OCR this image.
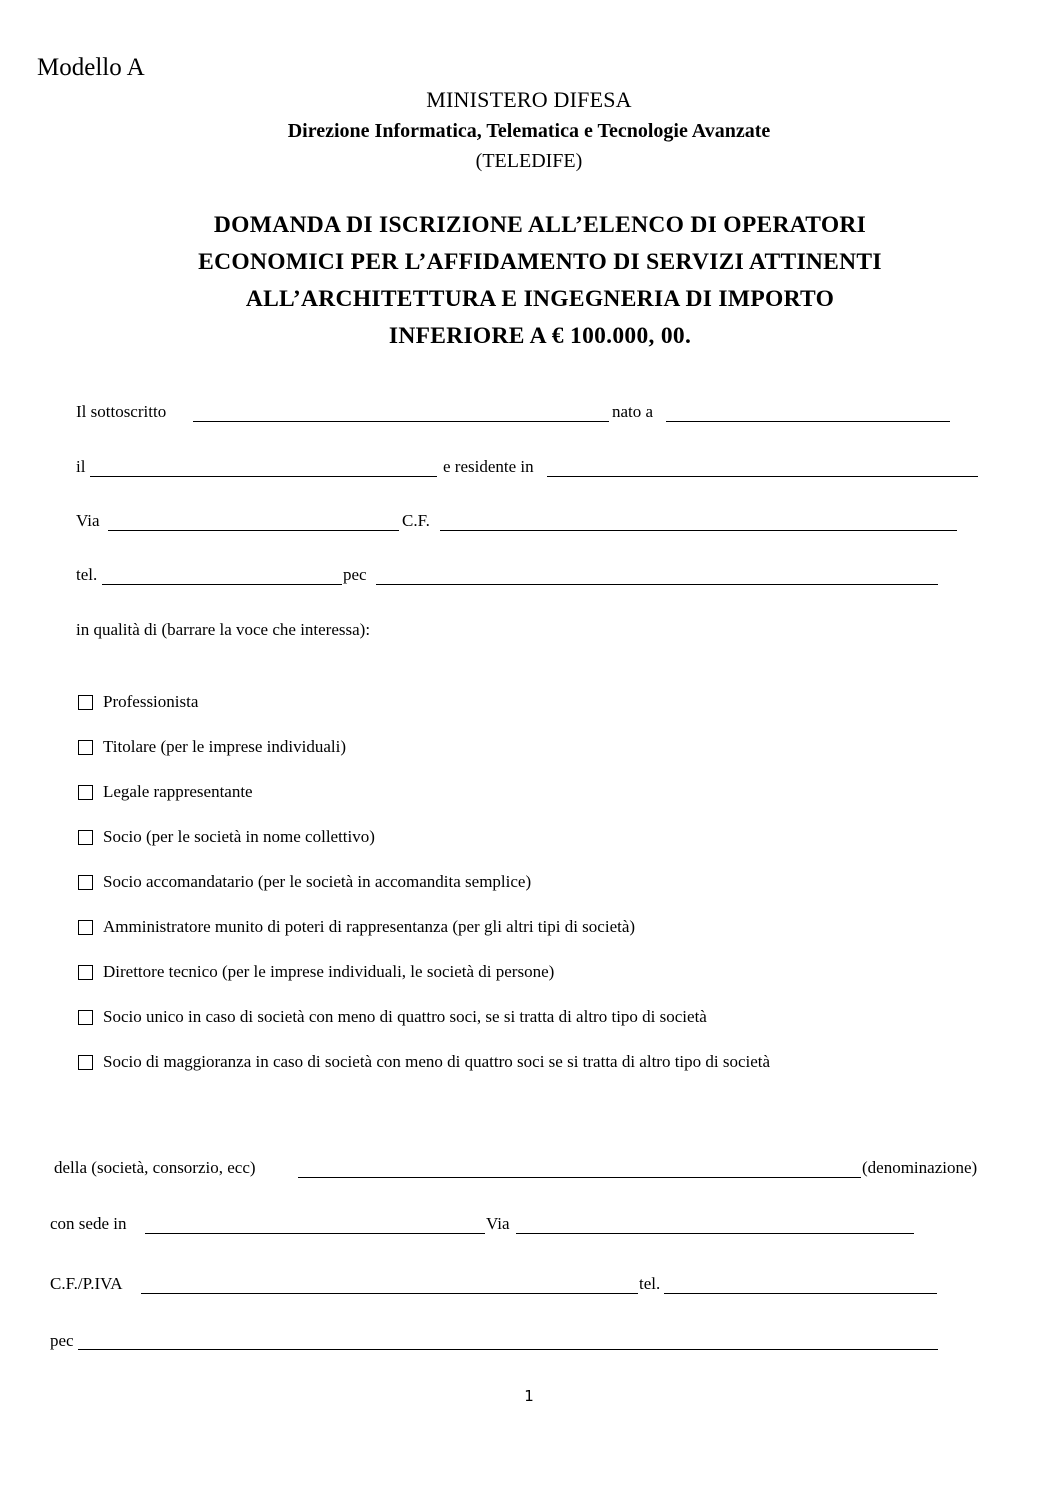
Modello A
MINISTERO DIFESA
Direzione Informatica, Telematica e Tecnologie Avanzate
(TELEDIFE)
DOMANDA DI ISCRIZIONE ALL’ELENCO DI OPERATORI
ECONOMICI PER L’AFFIDAMENTO DI SERVIZI ATTINENTI
ALL’ARCHITETTURA E INGEGNERIA DI IMPORTO
INFERIORE A € 100.000, 00.
Il sottoscritto	nato a
il	e residente in
Via	C.F.
tel.	pec
in qualità di (barrare la voce che interessa):
Professionista
Titolare (per le imprese individuali)
Legale rappresentante
Socio (per le società in nome collettivo)
Socio accomandatario (per le società in accomandita semplice)
Amministratore munito di poteri di rappresentanza (per gli altri tipi di società)
Direttore tecnico (per le imprese individuali, le società di persone)
Socio unico in caso di società con meno di quattro soci, se si tratta di altro tipo di società
Socio di maggioranza in caso di società con meno di quattro soci se si tratta di altro tipo di società
della (società, consorzio, ecc)	(denominazione)
con sede in	Via
C.F./P.IVA	tel.
pec
1
